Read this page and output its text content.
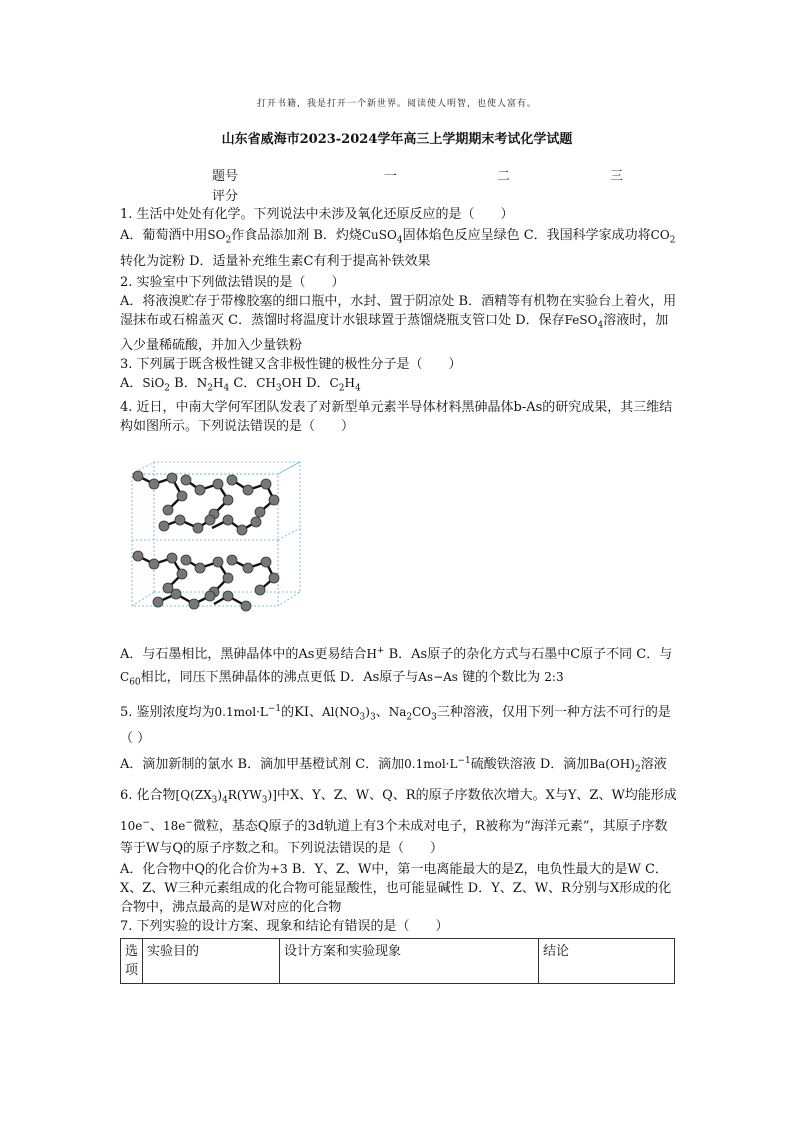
打开书籍，我是打开一个新世界。阅读使人明智，也使人富有。
山东省威海市2023-2024学年高三上学期期末考试化学试题
题号	一	二	三
评分

1. 生活中处处有化学。下列说法中未涉及氧化还原反应的是（　　）

A．葡萄酒中用$SO_2$作食品添加剂 B．灼烧CuSO$_4$固体焰色反应呈绿色 C．我国科学家成功将$CO_2$转化为淀粉 D．适量补充维生素C有利于提高补铁效果

2. 实验室中下列做法错误的是（　　）

A．将液溴贮存于带橡胶塞的细口瓶中，水封、置于阴凉处 B．酒精等有机物在实验台上着火，用湿抹布或石棉盖灭 C．蒸馏时将温度计水银球置于蒸馏烧瓶支管口处 D．保存FeSO$_4$溶液时，加入少量稀硫酸，并加入少量铁粉

3. 下列属于既含极性键又含非极性键的极性分子是（　　）

A．SiO$_2$ B．$N_2H_4$ C．$CH_3OH$ D．$C_2H_4$

4. 近日，中南大学何军团队发表了对新型单元素半导体材料黑砷晶体b-As的研究成果，其三维结构如图所示。下列说法错误的是（　　）

A．与石墨相比，黑砷晶体中的As更易结合H+ B．As原子的杂化方式与石墨中C原子不同 C．与$C_{60}$相比，同压下黑砷晶体的沸点更低 D．As原子与As−As 键的个数比为 2:3

5. 鉴别浓度均为$0.1mol\cdot L^{-1}$的KI、$Al(NO_3)_3$、$Na_2CO_3$三种溶液，仅用下列一种方法不可行的是（ ）

A．滴加新制的氯水 B．滴加甲基橙试剂 C．滴加$0.1mol\cdot L^{-1}$硫酸铁溶液 D．滴加$Ba(OH)_2$溶液

6. 化合物$[Q(ZX_3)_4R(YW_3)]$中X、Y、Z、W、Q、R的原子序数依次增大。X与Y、Z、W均能形成10e−、18e−微粒，基态Q原子的3d轨道上有3个未成对电子，R被称为“海洋元素”，其原子序数等于W与Q的原子序数之和。下列说法错误的是（　　）

A．化合物中Q的化合价为+3 B．Y、Z、W中，第一电离能最大的是Z，电负性最大的是W C．X、Z、W三种元素组成的化合物可能显酸性，也可能显碱性 D．Y、Z、W、R分别与X形成的化合物中，沸点最高的是W对应的化合物

7. 下列实验的设计方案、现象和结论有错误的是（　　）

选项	实验目的	设计方案和实验现象	结论
